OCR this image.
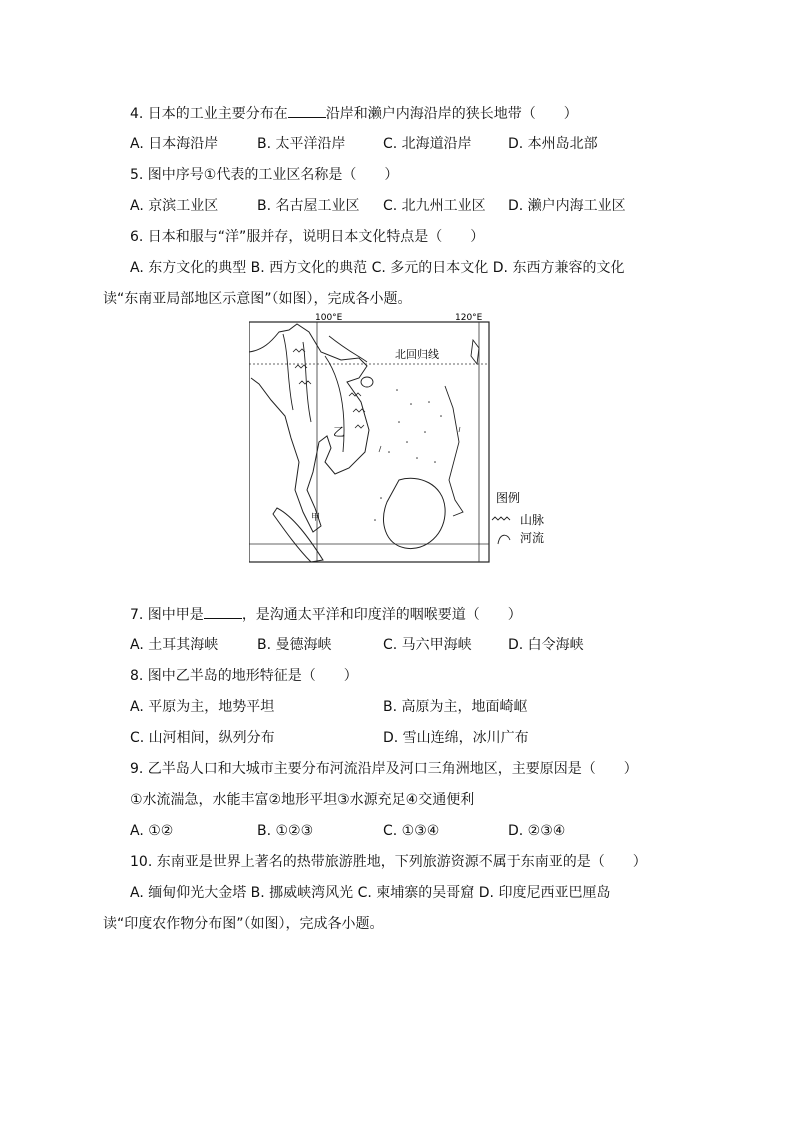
4. 日本的工业主要分布在	沿岸和濑户内海沿岸的狭长地带（　　）
A. 日本海沿岸	B. 太平洋沿岸	C. 北海道沿岸	D. 本州岛北部
5. 图中序号①代表的工业区名称是（　　）
A. 京滨工业区	B. 名古屋工业区 C. 北九州工业区 D. 濑户内海工业区
6. 日本和服与“洋”服并存，说明日本文化特点是（　　）
A. 东方文化的典型 B. 西方文化的典范 C. 多元的日本文化 D. 东西方兼容的文化
读“东南亚局部地区示意图”（如图），完成各小题。
100°E	120°E
北回归线
甲
乙
图例
山脉
河流
7. 图中甲是	，是沟通太平洋和印度洋的咽喉要道（　　）
A. 土耳其海峡	B. 曼德海峡	C. 马六甲海峡	D. 白令海峡
8. 图中乙半岛的地形特征是（　　）
A. 平原为主，地势平坦	B. 高原为主，地面崎岖
C. 山河相间，纵列分布	D. 雪山连绵，冰川广布
9. 乙半岛人口和大城市主要分布河流沿岸及河口三角洲地区，主要原因是（　　）
①水流湍急，水能丰富②地形平坦③水源充足④交通便利
A. ①②	B. ①②③	C. ①③④	D. ②③④
10. 东南亚是世界上著名的热带旅游胜地，下列旅游资源不属于东南亚的是（　　）
A. 缅甸仰光大金塔 B. 挪威峡湾风光 C. 柬埔寨的吴哥窟 D. 印度尼西亚巴厘岛
读“印度农作物分布图”（如图），完成各小题。
